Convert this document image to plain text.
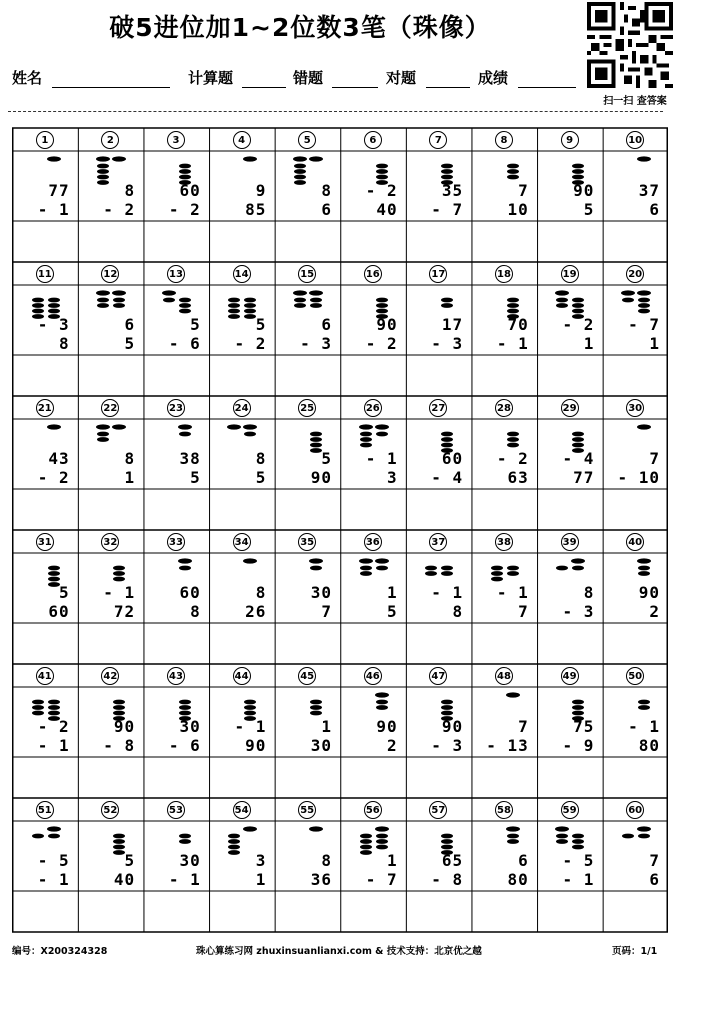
破5进位加1~2位数3笔（珠像）
扫一扫 查答案
姓名	计算题	错题	对题	成绩
1
77
- 1
2
8
- 2
3
60
- 2
4
9
85
5
8
6
6
- 2
40
7
35
- 7
8
7
10
9
90
5
10
37
6
11
- 3
8
12
6
5
13
5
- 6
14
5
- 2
15
6
- 3
16
90
- 2
17
17
- 3
18
70
- 1
19
- 2
1
20
- 7
1
21
43
- 2
22
8
1
23
38
5
24
8
5
25
5
90
26
- 1
3
27
60
- 4
28
- 2
63
29
- 4
77
30
7
- 10
31
5
60
32
- 1
72
33
60
8
34
8
26
35
30
7
36
1
5
37
- 1
8
38
- 1
7
39
8
- 3
40
90
2
41
- 2
- 1
42
90
- 8
43
30
- 6
44
- 1
90
45
1
30
46
90
2
47
90
- 3
48
7
- 13
49
75
- 9
50
- 1
80
51
- 5
- 1
52
5
40
53
30
- 1
54
3
1
55
8
36
56
1
- 7
57
65
- 8
58
6
80
59
- 5
- 1
60
7
6
编号：X200324328	珠心算练习网 zhuxinsuanlianxi.com & 技术支持：北京优之越	页码：1/1
